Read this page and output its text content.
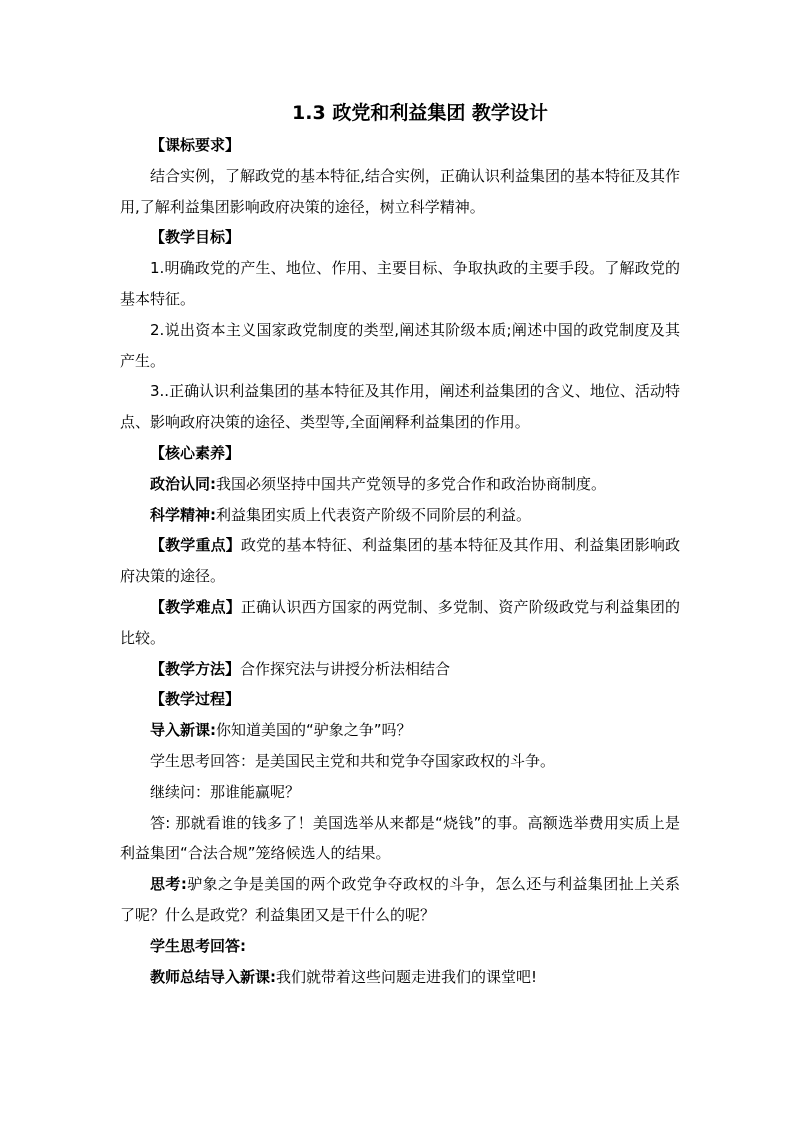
1.3 政党和利益集团 教学设计

【课标要求】

结合实例，了解政党的基本特征,结合实例，正确认识利益集团的基本特征及其作用,了解利益集团影响政府决策的途径，树立科学精神。

【教学目标】

1.明确政党的产生、地位、作用、主要目标、争取执政的主要手段。了解政党的基本特征。

2.说出资本主义国家政党制度的类型,阐述其阶级本质;阐述中国的政党制度及其产生。

3..正确认识利益集团的基本特征及其作用，阐述利益集团的含义、地位、活动特点、影响政府决策的途径、类型等,全面阐释利益集团的作用。

【核心素养】

政治认同:我国必须坚持中国共产党领导的多党合作和政治协商制度。

科学精神:利益集团实质上代表资产阶级不同阶层的利益。

【教学重点】政党的基本特征、利益集团的基本特征及其作用、利益集团影响政府决策的途径。

【教学难点】正确认识西方国家的两党制、多党制、资产阶级政党与利益集团的比较。

【教学方法】合作探究法与讲授分析法相结合

【教学过程】

导入新课:你知道美国的“驴象之争”吗？

学生思考回答：是美国民主党和共和党争夺国家政权的斗争。

继续问：那谁能赢呢？

答: 那就看谁的钱多了！美国选举从来都是“烧钱”的事。高额选举费用实质上是利益集团“合法合规”笼络候选人的结果。

思考:驴象之争是美国的两个政党争夺政权的斗争，怎么还与利益集团扯上关系了呢？什么是政党？利益集团又是干什么的呢？

学生思考回答:

教师总结导入新课:我们就带着这些问题走进我们的课堂吧!
